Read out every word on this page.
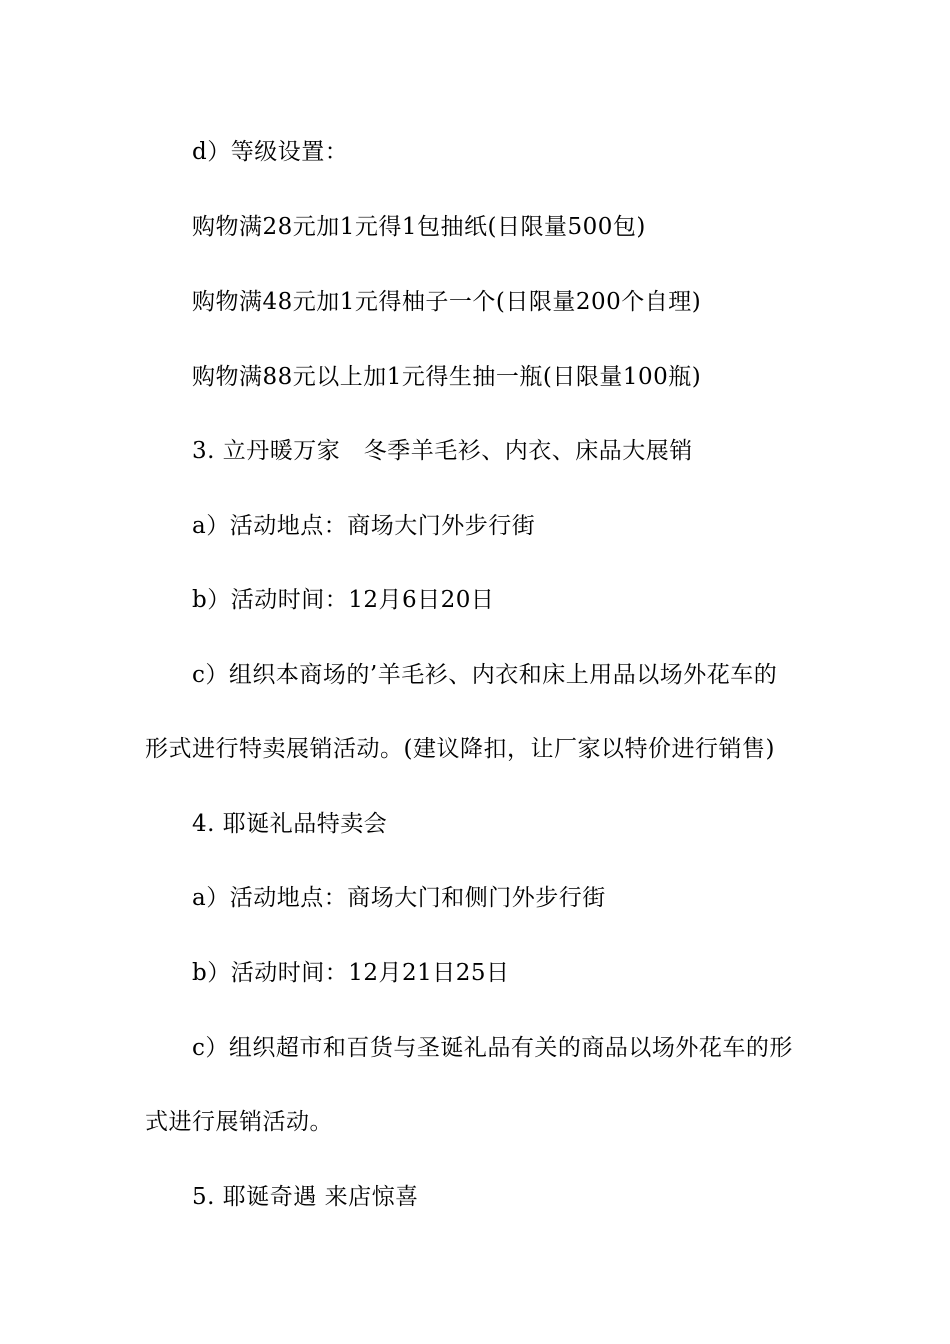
d）等级设置：
购物满28元加1元得1包抽纸(日限量500包)
购物满48元加1元得柚子一个(日限量200个自理)
购物满88元以上加1元得生抽一瓶(日限量100瓶)
3. 立丹暖万家　冬季羊毛衫、内衣、床品大展销
a）活动地点：商场大门外步行街
b）活动时间：12月6日20日
c）组织本商场的’羊毛衫、内衣和床上用品以场外花车的
形式进行特卖展销活动。(建议降扣，让厂家以特价进行销售)
4. 耶诞礼品特卖会
a）活动地点：商场大门和侧门外步行街
b）活动时间：12月21日25日
c）组织超市和百货与圣诞礼品有关的商品以场外花车的形
式进行展销活动。
5. 耶诞奇遇 来店惊喜
